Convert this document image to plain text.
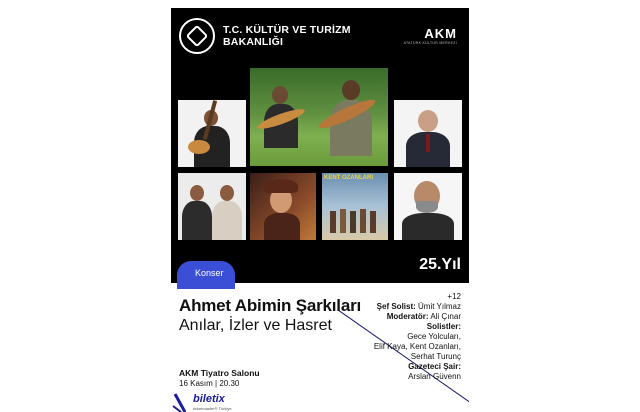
T.C. KÜLTÜR VE TURİZM
BAKANLIĞI
AKM
ATATÜRK KÜLTÜR MERKEZİ
KENT OZANLARI
25.Yıl
Konser
+12
Ahmet Abimin Şarkıları
Anılar, İzler ve Hasret
Şef Solist: Ümit Yılmaz
Moderatör: Ali Çınar
Solistler:
Gece Yolcuları,
Elif Kaya, Kent Ozanları,
Serhat Turunç
Gazeteci Şair:
Arslan Güvenn
AKM Tiyatro Salonu
16 Kasım | 20.30
biletix
ticketmaster® Türkiye
